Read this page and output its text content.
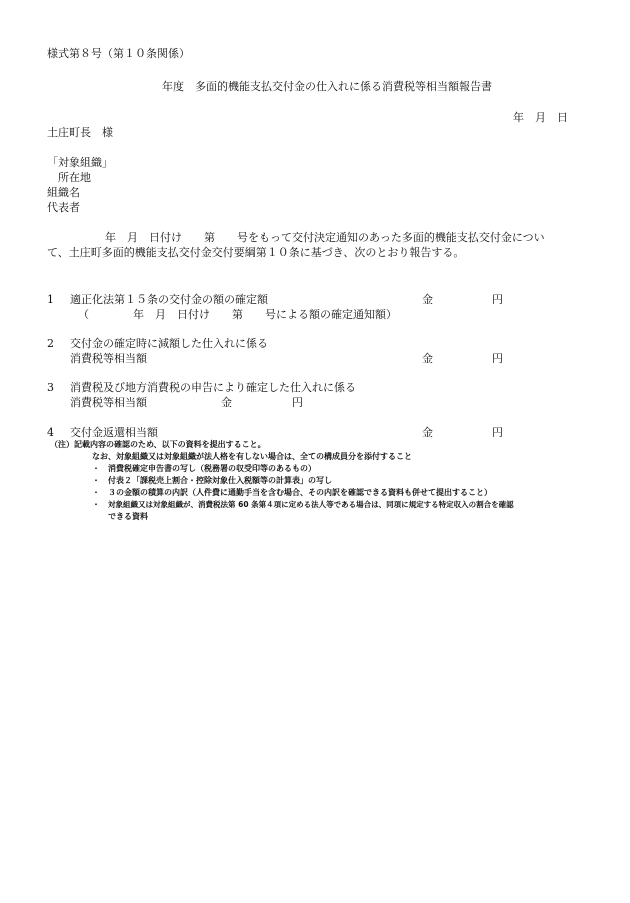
様式第８号（第１０条関係）
年度　多面的機能支払交付金の仕入れに係る消費税等相当額報告書
年　月　日
土庄町長　様
「対象組織」
所在地
組織名
代表者
年　月　日付け　　第　　号をもって交付決定通知のあった多面的機能支払交付金につい
て、土庄町多面的機能支払交付金交付要綱第１０条に基づき、次のとおり報告する。
1 適正化法第１５条の交付金の額の確定額	金	円
（　　　　年　月　日付け　　第　　号による額の確定通知額）
2 交付金の確定時に減額した仕入れに係る
消費税等相当額	金	円
3 消費税及び地方消費税の申告により確定した仕入れに係る
消費税等相当額	金	円
4 交付金返還相当額	金	円
（注）記載内容の確認のため、以下の資料を提出すること。
なお、対象組織又は対象組織が法人格を有しない場合は、全ての構成員分を添付すること
・ 消費税確定申告書の写し（税務署の収受印等のあるもの）
・ 付表２「課税売上割合・控除対象仕入税額等の計算表」の写し
・ ３の金額の積算の内訳（人件費に通勤手当を含む場合、その内訳を確認できる資料も併せて提出すること）
・ 対象組織又は対象組織が、消費税法第 60 条第４項に定める法人等である場合は、同項に規定する特定収入の割合を確認
できる資料
